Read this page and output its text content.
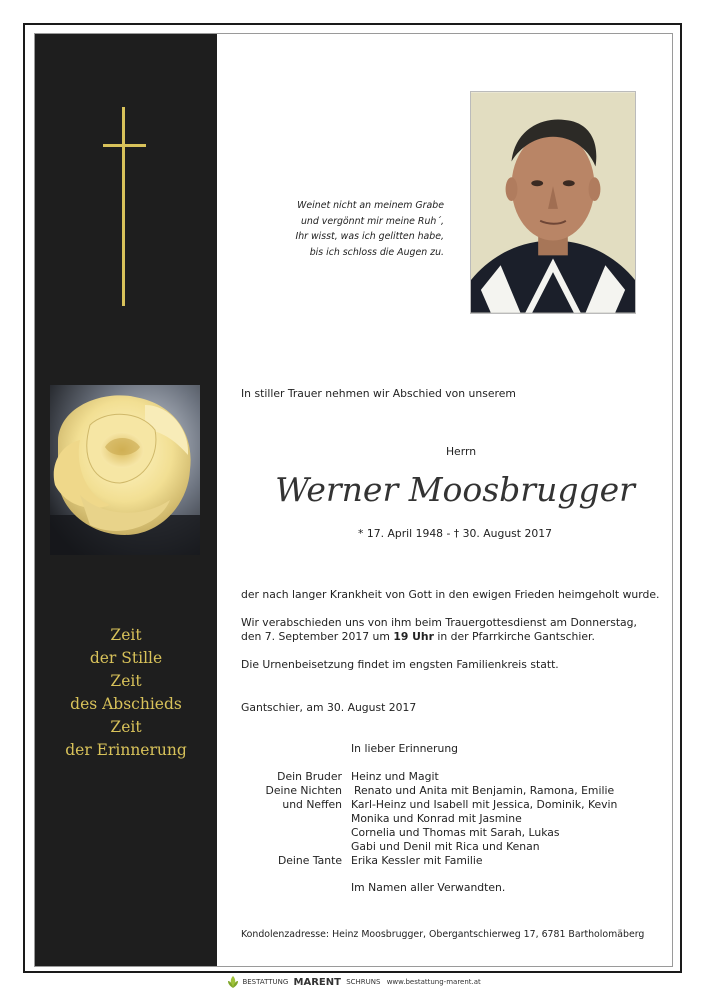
Zeit
der Stille
Zeit
des Abschieds
Zeit
der Erinnerung
Weinet nicht an meinem Grabe
und vergönnt mir meine Ruh´,
Ihr wisst, was ich gelitten habe,
bis ich schloss die Augen zu.
In stiller Trauer nehmen wir Abschied von unserem
Herrn
Werner Moosbrugger
* 17. April 1948 - † 30. August 2017
der nach langer Krankheit von Gott in den ewigen Frieden heimgeholt wurde.
Wir verabschieden uns von ihm beim Trauergottesdienst am Donnerstag,
den 7. September 2017 um 19 Uhr in der Pfarrkirche Gantschier.
Die Urnenbeisetzung findet im engsten Familienkreis statt.
Gantschier, am 30. August 2017
In lieber Erinnerung
Dein Bruder
Deine Nichten
und Neffen
Deine Tante
Heinz und Magit
Renato und Anita mit Benjamin, Ramona, Emilie
Karl-Heinz und Isabell mit Jessica, Dominik, Kevin
Monika und Konrad mit Jasmine
Cornelia und Thomas mit Sarah, Lukas
Gabi und Denil mit Rica und Kenan
Erika Kessler mit Familie
Im Namen aller Verwandten.
Kondolenzadresse: Heinz Moosbrugger, Obergantschierweg 17, 6781 Bartholomäberg
BESTATTUNG MARENT SCHRUNS www.bestattung-marent.at
